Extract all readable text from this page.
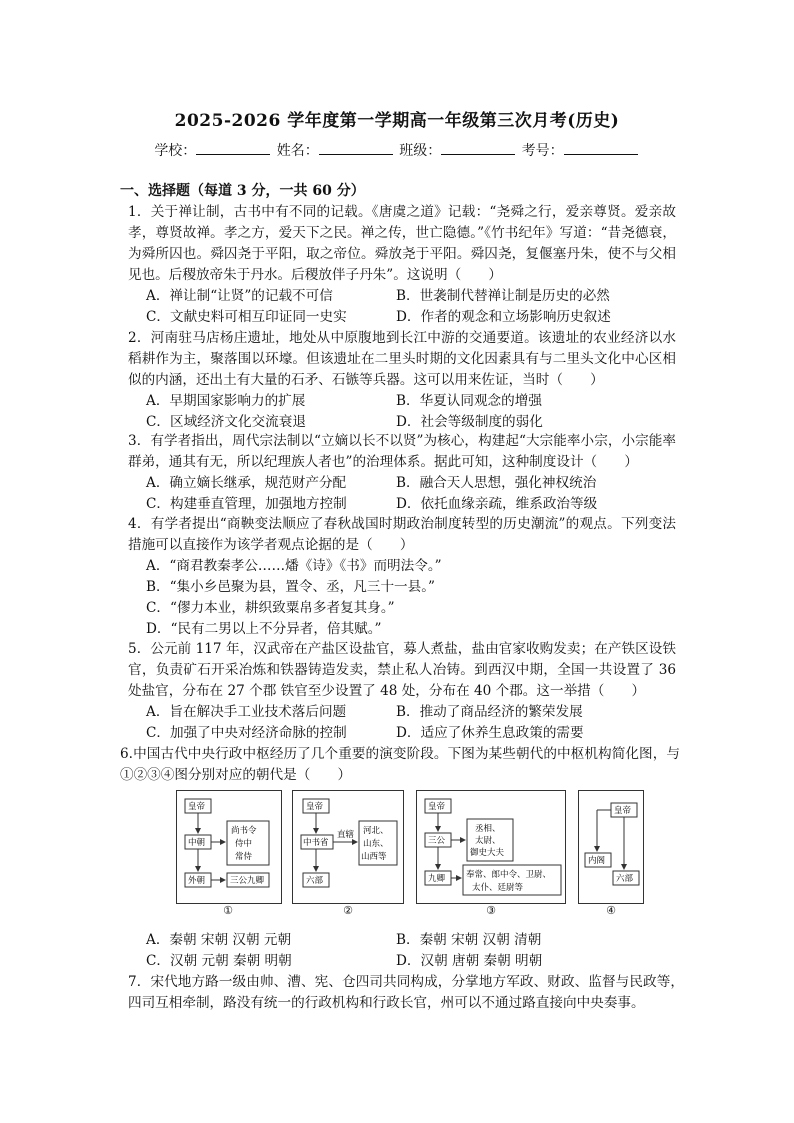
2025-2026 学年度第一学期高一年级第三次月考(历史)
学校：	姓名：	班级：	考号：
一、选择题（每道 3 分，一共 60 分）
1．关于禅让制，古书中有不同的记载。《唐虞之道》记载：“尧舜之行，爱亲尊贤。爱亲故孝，尊贤故禅。孝之方，爱天下之民。禅之传，世亡隐德。”《竹书纪年》写道：“昔尧德衰，为舜所囚也。舜囚尧于平阳，取之帝位。舜放尧于平阳。舜囚尧，复偃塞丹朱，使不与父相见也。后稷放帝朱于丹水。后稷放伴子丹朱”。这说明（　　）
A．禅让制“让贤”的记载不可信	B．世袭制代替禅让制是历史的必然
C．文献史料可相互印证同一史实	D．作者的观念和立场影响历史叙述
2．河南驻马店杨庄遗址，地处从中原腹地到长江中游的交通要道。该遗址的农业经济以水稻耕作为主，聚落围以环壕。但该遗址在二里头时期的文化因素具有与二里头文化中心区相似的内涵，还出土有大量的石矛、石镞等兵器。这可以用来佐证，当时（　　）
A．早期国家影响力的扩展	B．华夏认同观念的增强
C．区域经济文化交流衰退	D．社会等级制度的弱化
3．有学者指出，周代宗法制以“立嫡以长不以贤”为核心，构建起“大宗能率小宗，小宗能率群弟，通其有无，所以纪理族人者也”的治理体系。据此可知，这种制度设计（　　）
A．确立嫡长继承，规范财产分配	B．融合天人思想，强化神权统治
C．构建垂直管理，加强地方控制	D．依托血缘亲疏，维系政治等级
4．有学者提出“商鞅变法顺应了春秋战国时期政治制度转型的历史潮流”的观点。下列变法措施可以直接作为该学者观点论据的是（　　）
A．“商君教秦孝公……燔《诗》《书》而明法令。”
B．“集小乡邑聚为县，置令、丞，凡三十一县。”
C．“僇力本业，耕织致粟帛多者复其身。”
D．“民有二男以上不分异者，倍其赋。”
5．公元前 117 年，汉武帝在产盐区设盐官，募人煮盐，盐由官家收购发卖；在产铁区设铁官，负责矿石开采冶炼和铁器铸造发卖，禁止私人冶铸。到西汉中期，全国一共设置了 36 处盐官，分布在 27 个郡 铁官至少设置了 48 处，分布在 40 个郡。这一举措（　　）
A．旨在解决手工业技术落后问题	B．推动了商品经济的繁荣发展
C．加强了中央对经济命脉的控制	D．适应了休养生息政策的需要
6.中国古代中央行政中枢经历了几个重要的演变阶段。下图为某些朝代的中枢机构简化图，与①②③④图分别对应的朝代是（　　）
皇帝
中朝
尚书令
侍中
常侍
外朝	三公九卿
①
皇帝
中书省
直辖 河北、
山东、
山西等
六部
②
皇帝
三公
丞相、
太尉、
御史大夫
九卿 奉常、郎中令、卫尉、
太仆、廷尉等
③
皇帝
内阁
六部
④
A．秦朝 宋朝 汉朝 元朝	B．秦朝 宋朝 汉朝 清朝
C．汉朝 元朝 秦朝 明朝	D．汉朝 唐朝 秦朝 明朝
7．宋代地方路一级由帅、漕、宪、仓四司共同构成，分掌地方军政、财政、监督与民政等，四司互相牵制，路没有统一的行政机构和行政长官，州可以不通过路直接向中央奏事。
